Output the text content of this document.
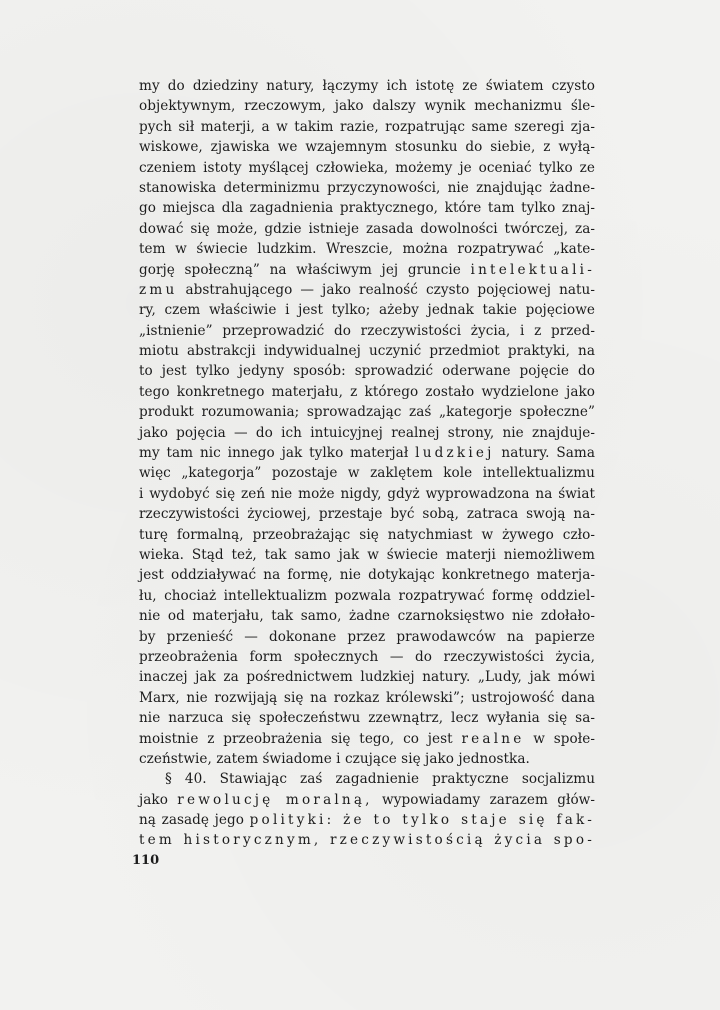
my do dziedziny natury, łączymy ich istotę ze światem czysto
objektywnym, rzeczowym, jako dalszy wynik mechanizmu śle-
pych sił materji, a w takim razie, rozpatrując same szeregi zja-
wiskowe, zjawiska we wzajemnym stosunku do siebie, z wyłą-
czeniem istoty myślącej człowieka, możemy je oceniać tylko ze
stanowiska determinizmu przyczynowości, nie znajdując żadne-
go miejsca dla zagadnienia praktycznego, które tam tylko znaj-
dować się może, gdzie istnieje zasada dowolności twórczej, za-
tem w świecie ludzkim. Wreszcie, można rozpatrywać „kate-
gorję społeczną” na właściwym jej gruncie intelektuali-
zmu abstrahującego — jako realność czysto pojęciowej natu-
ry, czem właściwie i jest tylko; ażeby jednak takie pojęciowe
„istnienie” przeprowadzić do rzeczywistości życia, i z przed-
miotu abstrakcji indywidualnej uczynić przedmiot praktyki, na
to jest tylko jedyny sposób: sprowadzić oderwane pojęcie do
tego konkretnego materjału, z którego zostało wydzielone jako
produkt rozumowania; sprowadzając zaś „kategorje społeczne”
jako pojęcia — do ich intuicyjnej realnej strony, nie znajduje-
my tam nic innego jak tylko materjał ludzkiej natury. Sama
więc „kategorja” pozostaje w zaklętem kole intellektualizmu
i wydobyć się zeń nie może nigdy, gdyż wyprowadzona na świat
rzeczywistości życiowej, przestaje być sobą, zatraca swoją na-
turę formalną, przeobrażając się natychmiast w żywego czło-
wieka. Stąd też, tak samo jak w świecie materji niemożliwem
jest oddziaływać na formę, nie dotykając konkretnego materja-
łu, chociaż intellektualizm pozwala rozpatrywać formę oddziel-
nie od materjału, tak samo, żadne czarnoksięstwo nie zdołało-
by przenieść — dokonane przez prawodawców na papierze
przeobrażenia form społecznych — do rzeczywistości życia,
inaczej jak za pośrednictwem ludzkiej natury. „Ludy, jak mówi
Marx, nie rozwijają się na rozkaz królewski”; ustrojowość dana
nie narzuca się społeczeństwu zzewnątrz, lecz wyłania się sa-
moistnie z przeobrażenia się tego, co jest realne w społe-
czeństwie, zatem świadome i czujące się jako jednostka.
§ 40. Stawiając zaś zagadnienie praktyczne socjalizmu
jako rewolucję moralną, wypowiadamy zarazem głów-
ną zasadę jego polityki: że to tylko staje się fak-
tem historycznym, rzeczywistością życia spo-
110
